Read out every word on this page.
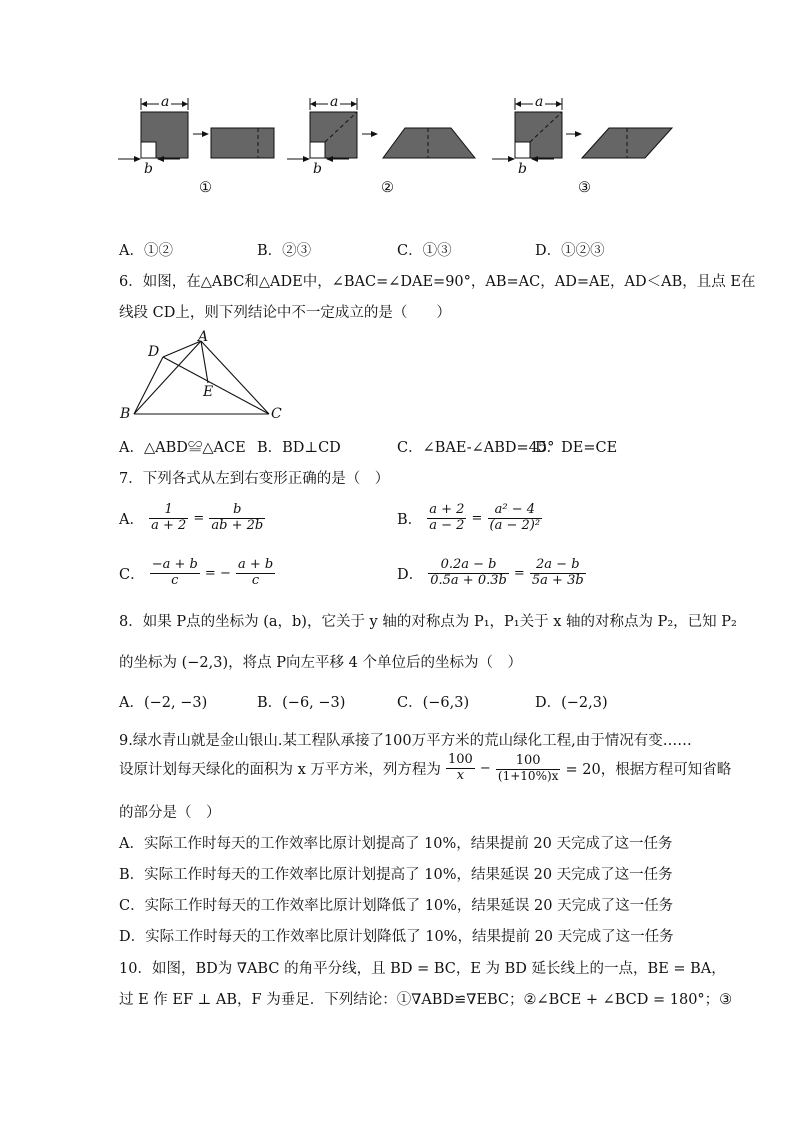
a
b
a
b
a
b
①	②	③
A．①②	B．②③	C．①③	D．①②③
6．如图，在△ABC和△ADE中，∠BAC=∠DAE=90°，AB=AC，AD=AE，AD＜AB，且点 E在
线段 CD上，则下列结论中不一定成立的是（　　）
A
D
E
B	C
A．△ABD≌△ACE B．BD⊥CD	C．∠BAE-∠ABD=45°
D．DE=CE
7．下列各式从左到右变形正确的是（　）
A． $\frac{1}{a + 2} = \frac{b}{ab + 2b}$	B． $\frac{a + 2}{a - 2} = \frac{\text{a² − 4}}{\text{(a − 2)²}}$
C． $\frac{-a + b}{c}$ = − $\frac{a + b}{c}$	D． $\frac{0.2a - b}{0.5a + 0.3b} = \frac{2a - b}{5a + 3b}$
8．如果 P点的坐标为 (a，b)，它关于 y 轴的对称点为 P₁，P₁关于 x 轴的对称点为 P₂，已知 P₂
的坐标为 (−2,3)，将点 P向左平移 4 个单位后的坐标为（　）
A．(−2, −3)	B．(−6, −3)	C．(−6,3)	D．(−2,3)
9.绿水青山就是金山银山.某工程队承接了100万平方米的荒山绿化工程,由于情况有变……
设原计划每天绿化的面积为 x 万平方米，列方程为 $\frac{100}{x} - \frac{100}{(1+10\%)x} = 20$，根据方程可知省略
的部分是（　）
A．实际工作时每天的工作效率比原计划提高了 10%，结果提前 20 天完成了这一任务
B．实际工作时每天的工作效率比原计划提高了 10%，结果延误 20 天完成了这一任务
C．实际工作时每天的工作效率比原计划降低了 10%，结果延误 20 天完成了这一任务
D．实际工作时每天的工作效率比原计划降低了 10%，结果提前 20 天完成了这一任务
10．如图，BD为 ∇ABC 的角平分线，且 BD = BC，E 为 BD 延长线上的一点，BE = BA，
过 E 作 EF ⊥ AB，F 为垂足．下列结论：①∇ABD≌∇EBC；②∠BCE + ∠BCD = 180°；③
